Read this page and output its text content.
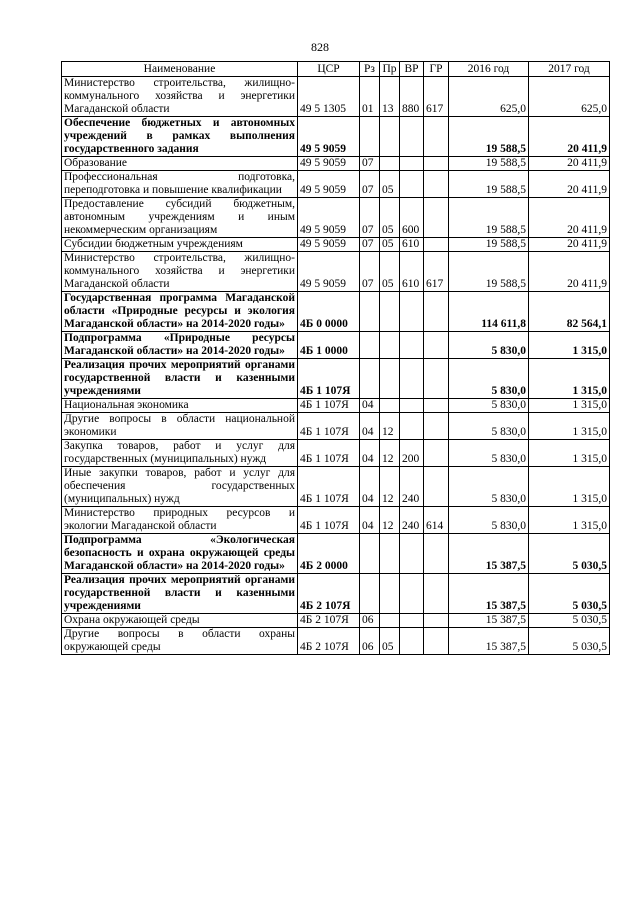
828
Наименование	ЦСР	Рз	Пр	ВР	ГР	2016 год	2017 год
Министерство строительства, жилищно-коммунального хозяйства и энергетики Магаданской области	49 5 1305	01	13	880	617	625,0	625,0
Обеспечение бюджетных и автономных учреждений в рамках выполнения государственного задания	49 5 9059					19 588,5	20 411,9
Образование	49 5 9059	07				19 588,5	20 411,9
Профессиональная подготовка, переподготовка и повышение квалификации	49 5 9059	07	05			19 588,5	20 411,9
Предоставление субсидий бюджетным, автономным учреждениям и иным некоммерческим организациям	49 5 9059	07	05	600		19 588,5	20 411,9
Субсидии бюджетным учреждениям	49 5 9059	07	05	610		19 588,5	20 411,9
Министерство строительства, жилищно-коммунального хозяйства и энергетики Магаданской области	49 5 9059	07	05	610	617	19 588,5	20 411,9
Государственная программа Магаданской области «Природные ресурсы и экология Магаданской области» на 2014-2020 годы»	4Б 0 0000					114 611,8	82 564,1
Подпрограмма «Природные ресурсы Магаданской области» на 2014-2020 годы»	4Б 1 0000					5 830,0	1 315,0
Реализация прочих мероприятий органами государственной власти и казенными учреждениями	4Б 1 107Я					5 830,0	1 315,0
Национальная экономика	4Б 1 107Я	04				5 830,0	1 315,0
Другие вопросы в области национальной экономики	4Б 1 107Я	04	12			5 830,0	1 315,0
Закупка товаров, работ и услуг для государственных (муниципальных) нужд	4Б 1 107Я	04	12	200		5 830,0	1 315,0
Иные закупки товаров, работ и услуг для обеспечения государственных (муниципальных) нужд	4Б 1 107Я	04	12	240		5 830,0	1 315,0
Министерство природных ресурсов и экологии Магаданской области	4Б 1 107Я	04	12	240	614	5 830,0	1 315,0
Подпрограмма «Экологическая безопасность и охрана окружающей среды Магаданской области» на 2014-2020 годы»	4Б 2 0000					15 387,5	5 030,5
Реализация прочих мероприятий органами государственной власти и казенными учреждениями	4Б 2 107Я					15 387,5	5 030,5
Охрана окружающей среды	4Б 2 107Я	06				15 387,5	5 030,5
Другие вопросы в области охраны окружающей среды	4Б 2 107Я	06	05			15 387,5	5 030,5
